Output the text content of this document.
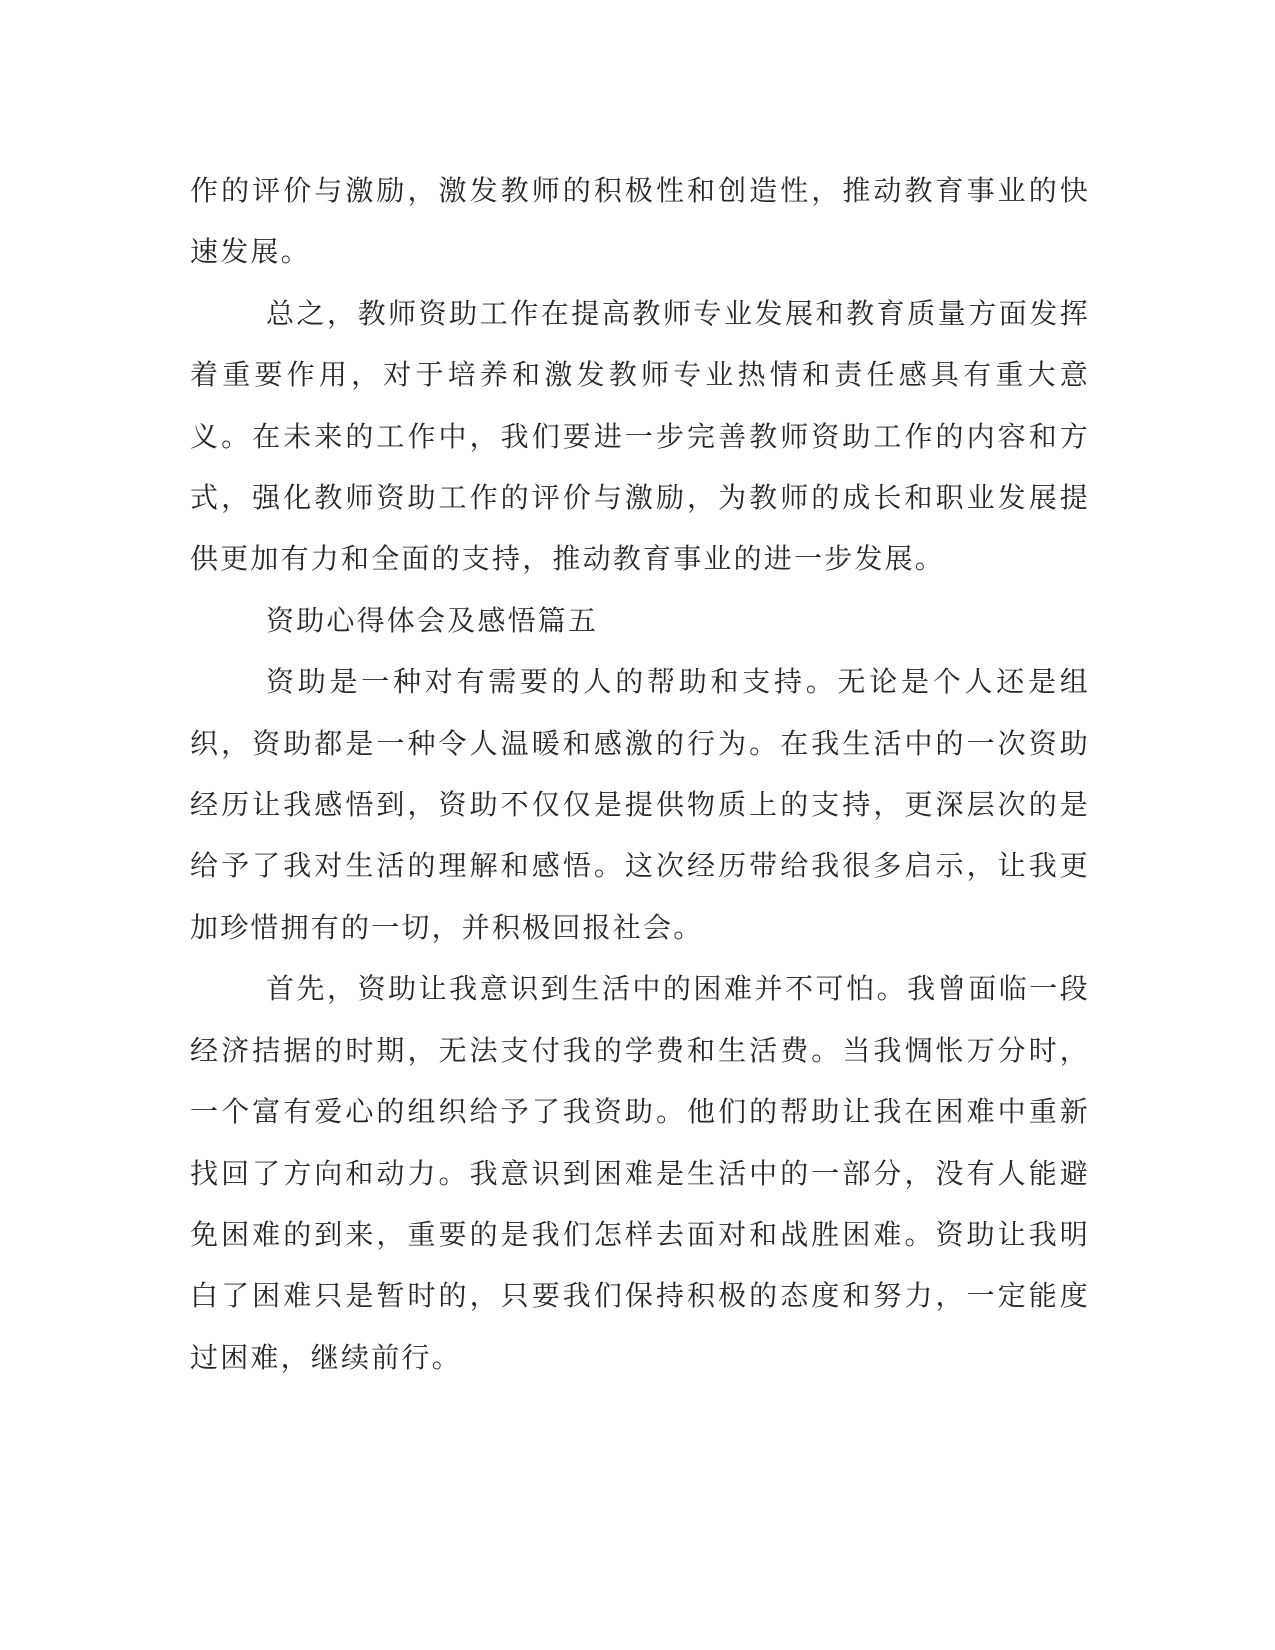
作的评价与激励，激发教师的积极性和创造性，推动教育事业的快速发展。

总之，教师资助工作在提高教师专业发展和教育质量方面发挥着重要作用，对于培养和激发教师专业热情和责任感具有重大意义。在未来的工作中，我们要进一步完善教师资助工作的内容和方式，强化教师资助工作的评价与激励，为教师的成长和职业发展提供更加有力和全面的支持，推动教育事业的进一步发展。

资助心得体会及感悟篇五

资助是一种对有需要的人的帮助和支持。无论是个人还是组织，资助都是一种令人温暖和感激的行为。在我生活中的一次资助经历让我感悟到，资助不仅仅是提供物质上的支持，更深层次的是给予了我对生活的理解和感悟。这次经历带给我很多启示，让我更加珍惜拥有的一切，并积极回报社会。

首先，资助让我意识到生活中的困难并不可怕。我曾面临一段经济拮据的时期，无法支付我的学费和生活费。当我惆怅万分时，一个富有爱心的组织给予了我资助。他们的帮助让我在困难中重新找回了方向和动力。我意识到困难是生活中的一部分，没有人能避免困难的到来，重要的是我们怎样去面对和战胜困难。资助让我明白了困难只是暂时的，只要我们保持积极的态度和努力，一定能度过困难，继续前行。
